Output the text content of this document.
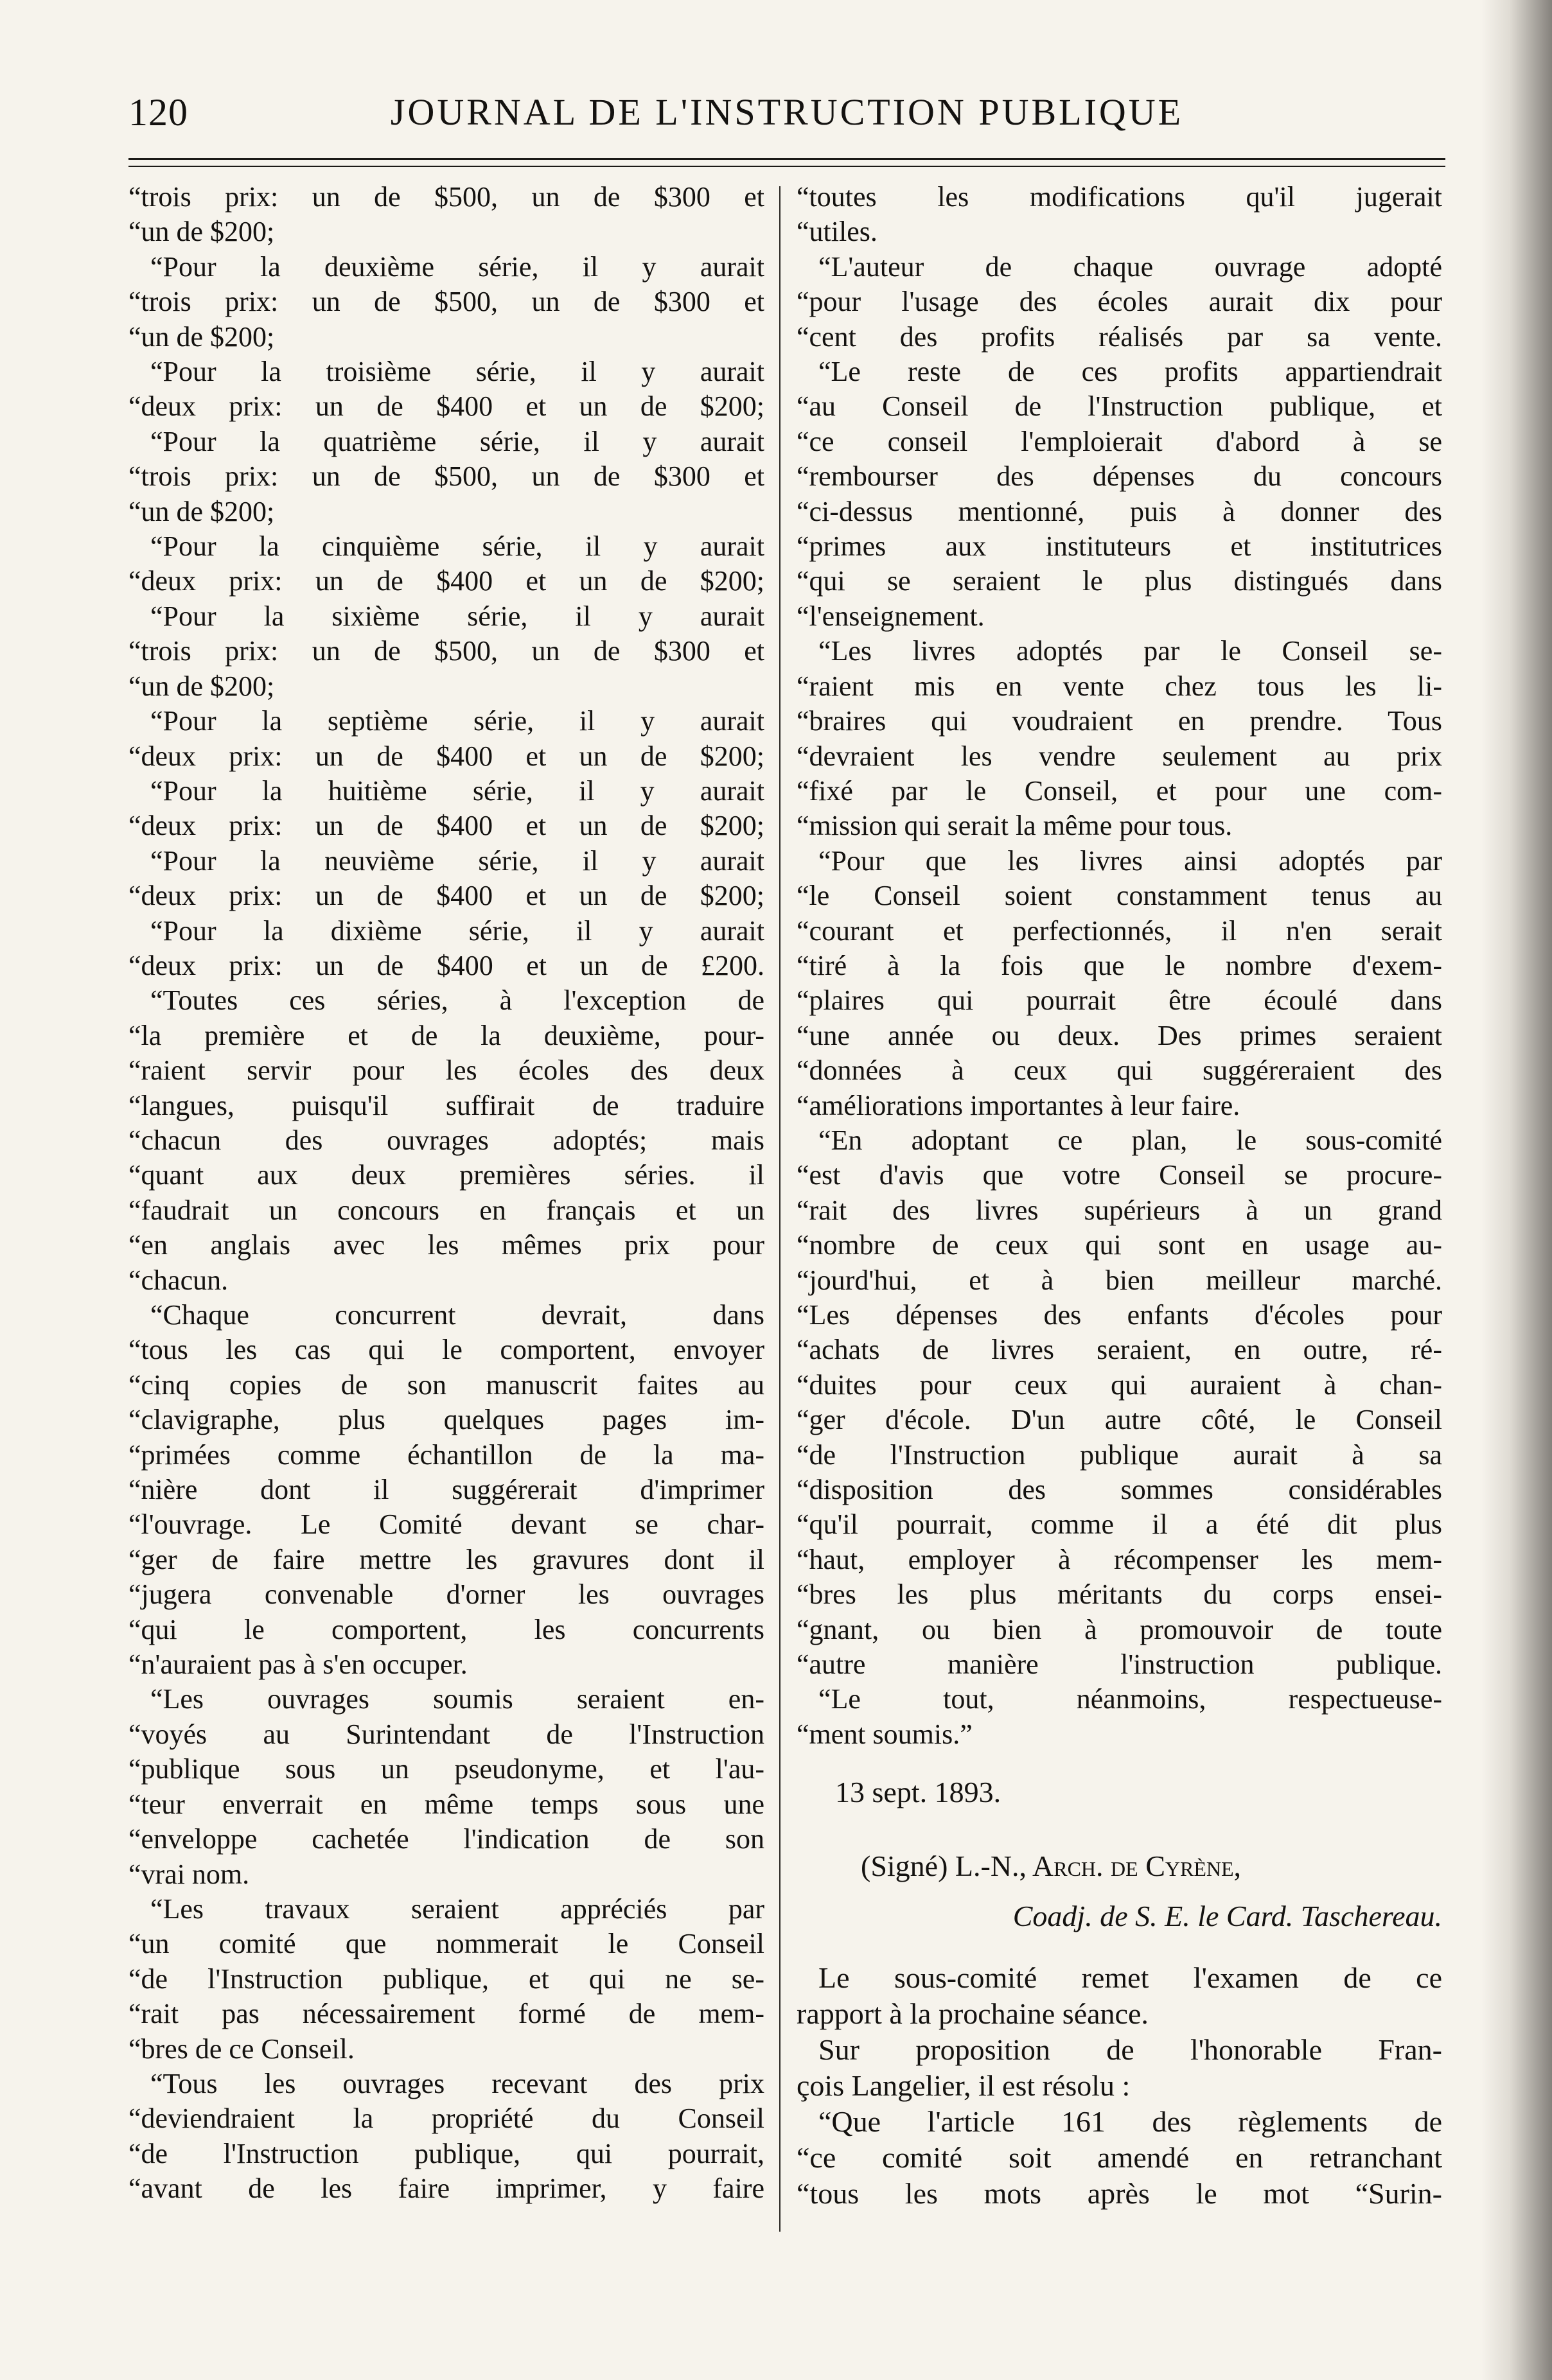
120	JOURNAL DE L'INSTRUCTION PUBLIQUE
“trois prix: un de $500, un de $300 et
“un de $200;
“Pour la deuxième série, il y aurait
“trois prix: un de $500, un de $300 et
“un de $200;
“Pour la troisième série, il y aurait
“deux prix: un de $400 et un de $200;
“Pour la quatrième série, il y aurait
“trois prix: un de $500, un de $300 et
“un de $200;
“Pour la cinquième série, il y aurait
“deux prix: un de $400 et un de $200;
“Pour la sixième série, il y aurait
“trois prix: un de $500, un de $300 et
“un de $200;
“Pour la septième série, il y aurait
“deux prix: un de $400 et un de $200;
“Pour la huitième série, il y aurait
“deux prix: un de $400 et un de $200;
“Pour la neuvième série, il y aurait
“deux prix: un de $400 et un de $200;
“Pour la dixième série, il y aurait
“deux prix: un de $400 et un de £200.
“Toutes ces séries, à l'exception de
“la première et de la deuxième, pour-
“raient servir pour les écoles des deux
“langues, puisqu'il suffirait de traduire
“chacun des ouvrages adoptés; mais
“quant aux deux premières séries. il
“faudrait un concours en français et un
“en anglais avec les mêmes prix pour
“chacun.
“Chaque concurrent devrait, dans
“tous les cas qui le comportent, envoyer
“cinq copies de son manuscrit faites au
“clavigraphe, plus quelques pages im-
“primées comme échantillon de la ma-
“nière dont il suggérerait d'imprimer
“l'ouvrage. Le Comité devant se char-
“ger de faire mettre les gravures dont il
“jugera convenable d'orner les ouvrages
“qui le comportent, les concurrents
“n'auraient pas à s'en occuper.
“Les ouvrages soumis seraient en-
“voyés au Surintendant de l'Instruction
“publique sous un pseudonyme, et l'au-
“teur enverrait en même temps sous une
“enveloppe cachetée l'indication de son
“vrai nom.
“Les travaux seraient appréciés par
“un comité que nommerait le Conseil
“de l'Instruction publique, et qui ne se-
“rait pas nécessairement formé de mem-
“bres de ce Conseil.
“Tous les ouvrages recevant des prix
“deviendraient la propriété du Conseil
“de l'Instruction publique, qui pourrait,
“avant de les faire imprimer, y faire
“toutes les modifications qu'il jugerait
“utiles.
“L'auteur de chaque ouvrage adopté
“pour l'usage des écoles aurait dix pour
“cent des profits réalisés par sa vente.
“Le reste de ces profits appartiendrait
“au Conseil de l'Instruction publique, et
“ce conseil l'emploierait d'abord à se
“rembourser des dépenses du concours
“ci-dessus mentionné, puis à donner des
“primes aux instituteurs et institutrices
“qui se seraient le plus distingués dans
“l'enseignement.
“Les livres adoptés par le Conseil se-
“raient mis en vente chez tous les li-
“braires qui voudraient en prendre. Tous
“devraient les vendre seulement au prix
“fixé par le Conseil, et pour une com-
“mission qui serait la même pour tous.
“Pour que les livres ainsi adoptés par
“le Conseil soient constamment tenus au
“courant et perfectionnés, il n'en serait
“tiré à la fois que le nombre d'exem-
“plaires qui pourrait être écoulé dans
“une année ou deux. Des primes seraient
“données à ceux qui suggéreraient des
“améliorations importantes à leur faire.
“En adoptant ce plan, le sous-comité
“est d'avis que votre Conseil se procure-
“rait des livres supérieurs à un grand
“nombre de ceux qui sont en usage au-
“jourd'hui, et à bien meilleur marché.
“Les dépenses des enfants d'écoles pour
“achats de livres seraient, en outre, ré-
“duites pour ceux qui auraient à chan-
“ger d'école. D'un autre côté, le Conseil
“de l'Instruction publique aurait à sa
“disposition des sommes considérables
“qu'il pourrait, comme il a été dit plus
“haut, employer à récompenser les mem-
“bres les plus méritants du corps ensei-
“gnant, ou bien à promouvoir de toute
“autre manière l'instruction publique.
“Le tout, néanmoins, respectueuse-
“ment soumis.”
13 sept. 1893.
(Signé) L.-N., Arch. de Cyrène,
Coadj. de S. E. le Card. Taschereau.
Le sous-comité remet l'examen de ce
rapport à la prochaine séance.
Sur proposition de l'honorable Fran-
çois Langelier, il est résolu :
“Que l'article 161 des règlements de
“ce comité soit amendé en retranchant
“tous les mots après le mot “Surin-
